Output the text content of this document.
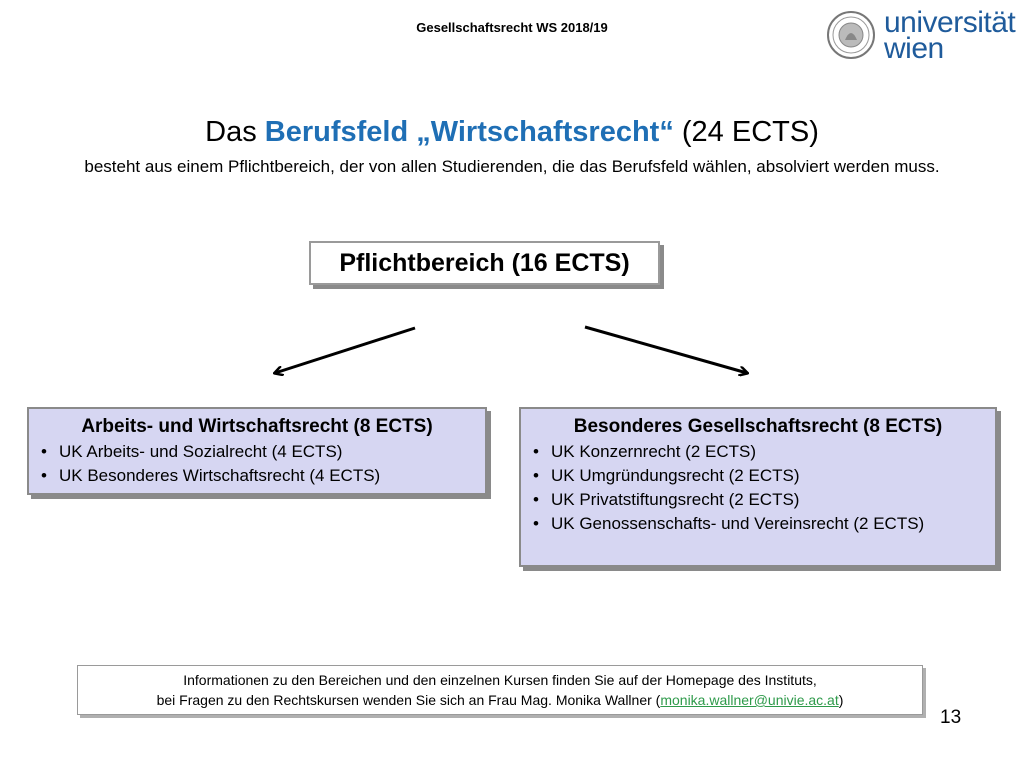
Gesellschaftsrecht WS 2018/19	universität
wien
Das Berufsfeld „Wirtschaftsrecht“ (24 ECTS)
besteht aus einem Pflichtbereich, der von allen Studierenden, die das Berufsfeld wählen, absolviert werden muss.
Pflichtbereich (16 ECTS)
Arbeits- und Wirtschaftsrecht (8 ECTS)
• UK Arbeits- und Sozialrecht (4 ECTS)
• UK Besonderes Wirtschaftsrecht (4 ECTS)
Besonderes Gesellschaftsrecht (8 ECTS)
• UK Konzernrecht (2 ECTS)
• UK Umgründungsrecht (2 ECTS)
• UK Privatstiftungsrecht (2 ECTS)
• UK Genossenschafts- und Vereinsrecht (2 ECTS)
Informationen zu den Bereichen und den einzelnen Kursen finden Sie auf der Homepage des Instituts,
bei Fragen zu den Rechtskursen wenden Sie sich an Frau Mag. Monika Wallner (monika.wallner@univie.ac.at)
13
